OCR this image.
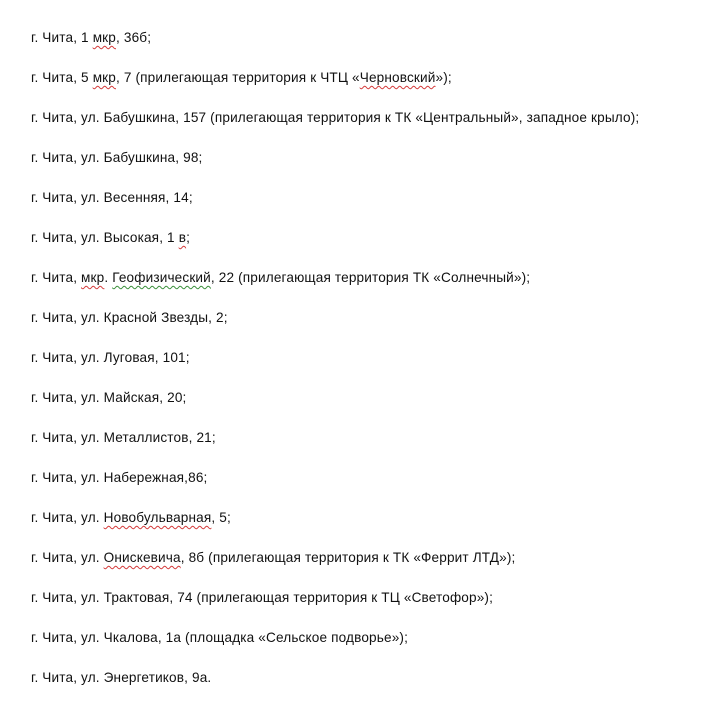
г. Чита, 1 мкр, 36б;
г. Чита, 5 мкр, 7 (прилегающая территория к ЧТЦ «Черновский»);
г. Чита, ул. Бабушкина, 157 (прилегающая территория к ТК «Центральный», западное крыло);
г. Чита, ул. Бабушкина, 98;
г. Чита, ул. Весенняя, 14;
г. Чита, ул. Высокая, 1 в;
г. Чита, мкр. Геофизический, 22 (прилегающая территория ТК «Солнечный»);
г. Чита, ул. Красной Звезды, 2;
г. Чита, ул. Луговая, 101;
г. Чита, ул. Майская, 20;
г. Чита, ул. Металлистов, 21;
г. Чита, ул. Набережная,86;
г. Чита, ул. Новобульварная, 5;
г. Чита, ул. Онискевича, 8б (прилегающая территория к ТК «Феррит ЛТД»);
г. Чита, ул. Трактовая, 74 (прилегающая территория к ТЦ «Светофор»);
г. Чита, ул. Чкалова, 1а (площадка «Сельское подворье»);
г. Чита, ул. Энергетиков, 9а.
